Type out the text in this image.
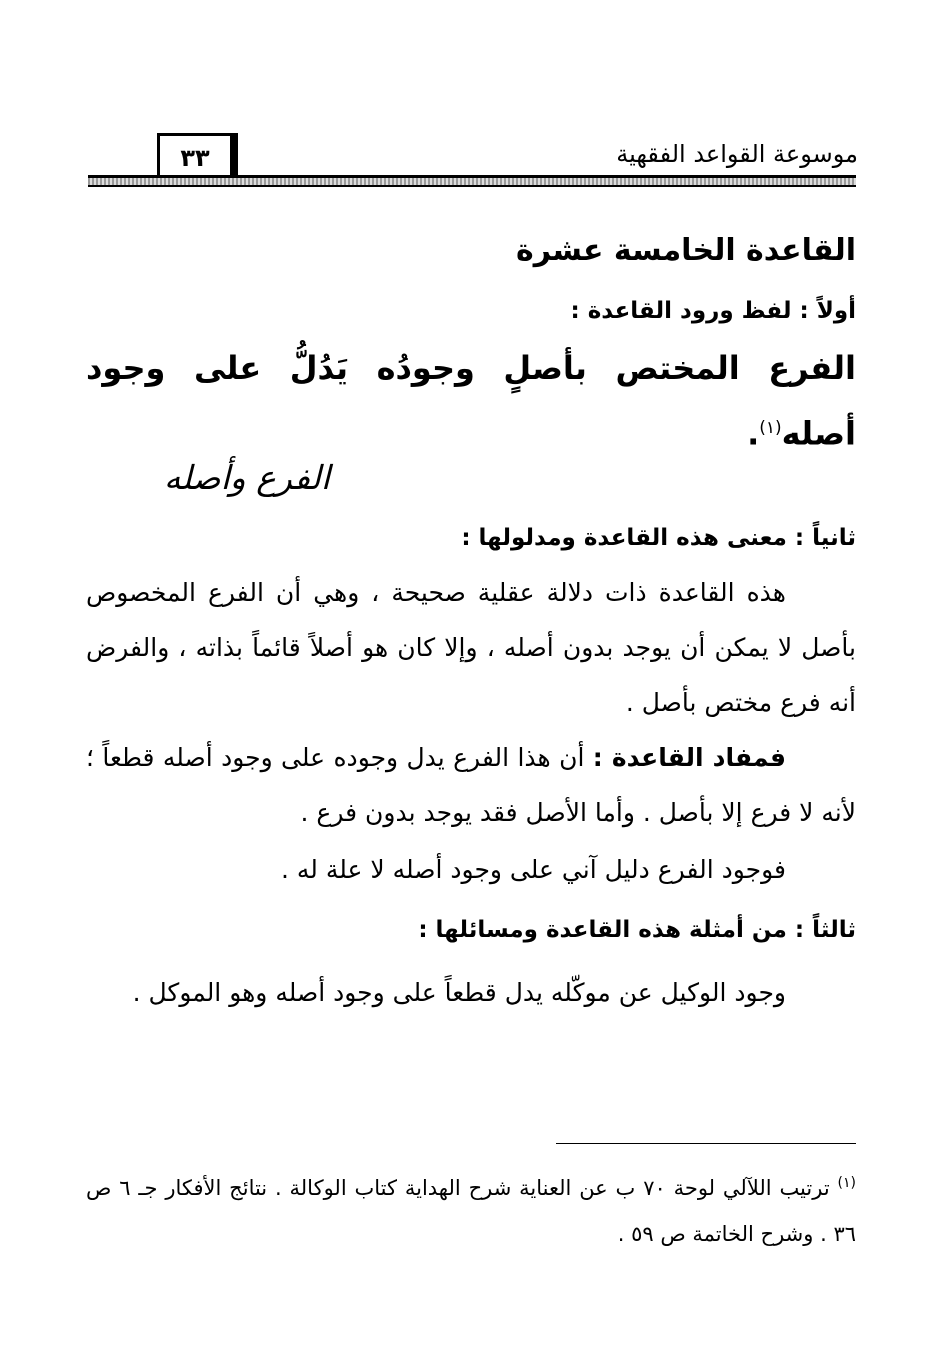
موسوعة القواعد الفقهية
٣٣
القاعدة الخامسة عشرة
أولاً : لفظ ورود القاعدة :
الفرع المختص بأصلٍ وجودُه يَدُلُّ على وجود أصله$^{(١)}$.
الفرع وأصله
ثانياً : معنى هذه القاعدة ومدلولها :
هذه القاعدة ذات دلالة عقلية صحيحة ، وهي أن الفرع المخصوص بأصل لا يمكن أن يوجد بدون أصله ، وإلا كان هو أصلاً قائماً بذاته ، والفرض أنه فرع مختص بأصل .
فمفاد القاعدة : أن هذا الفرع يدل وجوده على وجود أصله قطعاً ؛ لأنه لا فرع إلا بأصل . وأما الأصل فقد يوجد بدون فرع .
فوجود الفرع دليل آني على وجود أصله لا علة له .
ثالثاً : من أمثلة هذه القاعدة ومسائلها :
وجود الوكيل عن موكّله يدل قطعاً على وجود أصله وهو الموكل .
$^{(١)}$ ترتيب اللآلي لوحة ٧٠ ب عن العناية شرح الهداية كتاب الوكالة . نتائج الأفكار جـ ٦ ص ٣٦ . وشرح الخاتمة ص ٥٩ .
